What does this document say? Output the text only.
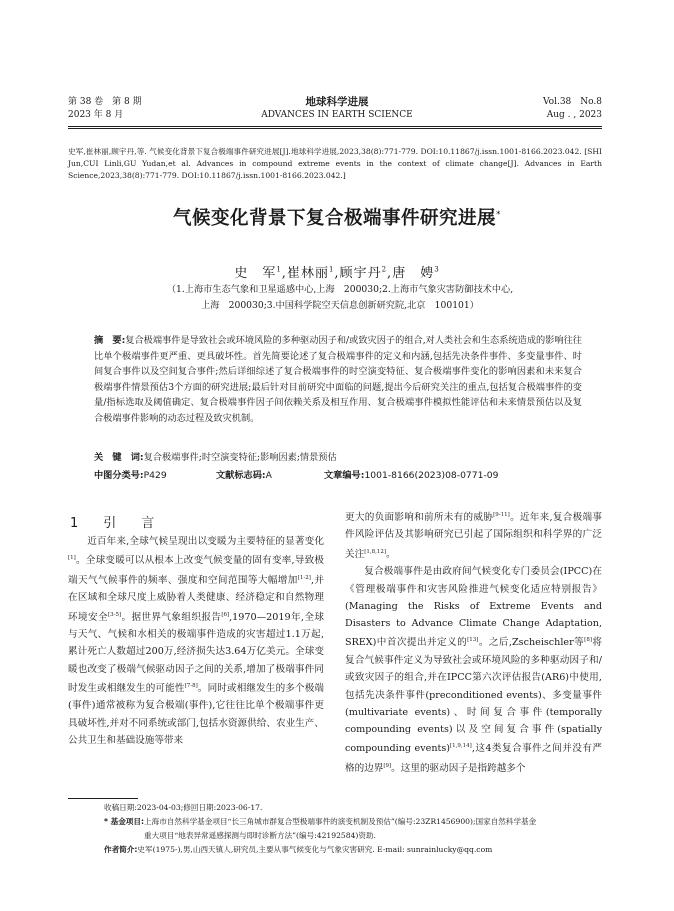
第 38 卷　第 8 期
2023 年 8 月
地球科学进展
ADVANCES IN EARTH SCIENCE
Vol.38　No.8
Aug . , 2023
史军,崔林丽,顾宇丹,等. 气候变化背景下复合极端事件研究进展[J].地球科学进展,2023,38(8):771-779. DOI:10.11867/j.issn.1001-8166.2023.042. [SHI Jun,CUI Linli,GU Yudan,et al. Advances in compound extreme events in the context of climate change[J]. Advances in Earth Science,2023,38(8):771-779. DOI:10.11867/j.issn.1001-8166.2023.042.]
气候变化背景下复合极端事件研究进展*
史　军$^1$,崔林丽$^1$,顾宇丹$^2$,唐　娉$^3$
（1.上海市生态气象和卫星遥感中心,上海　200030;2.上海市气象灾害防御技术中心,
上海　200030;3.中国科学院空天信息创新研究院,北京　100101）
摘　要:复合极端事件是导致社会或环境风险的多种驱动因子和/或致灾因子的组合,对人类社会和生态系统造成的影响往往比单个极端事件更严重、更具破坏性。首先简要论述了复合极端事件的定义和内涵,包括先决条件事件、多变量事件、时间复合事件以及空间复合事件;然后详细综述了复合极端事件的时空演变特征、复合极端事件变化的影响因素和未来复合极端事件情景预估3个方面的研究进展;最后针对目前研究中面临的问题,提出今后研究关注的重点,包括复合极端事件的变量/指标选取及阈值确定、复合极端事件因子间依赖关系及相互作用、复合极端事件模拟性能评估和未来情景预估以及复合极端事件影响的动态过程及致灾机制。
关　键　词:复合极端事件;时空演变特征;影响因素;情景预估
中图分类号:P429	文献标志码:A	文章编号:1001-8166(2023)08-0771-09
1　引　言

近百年来,全球气候呈现出以变暖为主要特征的显著变化[1]。全球变暖可以从根本上改变气候变量的固有变率,导致极端天气气候事件的频率、强度和空间范围等大幅增加[1-2],并在区域和全球尺度上威胁着人类健康、经济稳定和自然物理环境安全[3-5]。据世界气象组织报告[6],1970—2019年,全球与天气、气候和水相关的极端事件造成的灾害超过1.1万起,累计死亡人数超过200万,经济损失达3.64万亿美元。全球变暖也改变了极端气候驱动因子之间的关系,增加了极端事件同时发生或相继发生的可能性[7-8]。同时或相继发生的多个极端(事件)通常被称为复合极端(事件),它往往比单个极端事件更具破坏性,并对不同系统或部门,包括水资源供给、农业生产、公共卫生和基础设施等带来

更大的负面影响和前所未有的威胁[9-11]。近年来,复合极端事件风险评估及其影响研究已引起了国际组织和科学界的广泛关注[1,8,12]。

复合极端事件是由政府间气候变化专门委员会(IPCC)在《管理极端事件和灾害风险推进气候变化适应特别报告》(Managing the Risks of Extreme Events and Disasters to Advance Climate Change Adaptation, SREX)中首次提出并定义的[13]。之后,Zscheischler等[8]将复合气候事件定义为导致社会或环境风险的多种驱动因子和/或致灾因子的组合,并在IPCC第六次评估报告(AR6)中使用,包括先决条件事件(preconditioned events)、多变量事件(multivariate events)、时间复合事件(temporally compounding events)以及空间复合事件(spatially compounding events)[1,9,14],这4类复合事件之间并没有严格的边界[9]。这里的驱动因子是指跨越多个

收稿日期:2023-04-03;修回日期:2023-06-17.
* 基金项目:上海市自然科学基金项目“长三角城市群复合型极端事件的演变机制及预估”(编号:23ZR1456900);国家自然科学基金
重大项目“地表异常遥感探测与即时诊断方法”(编号:42192584)资助.
作者简介:史军(1975-),男,山西天镇人,研究员,主要从事气候变化与气象灾害研究. E-mail: sunrainlucky@qq.com
